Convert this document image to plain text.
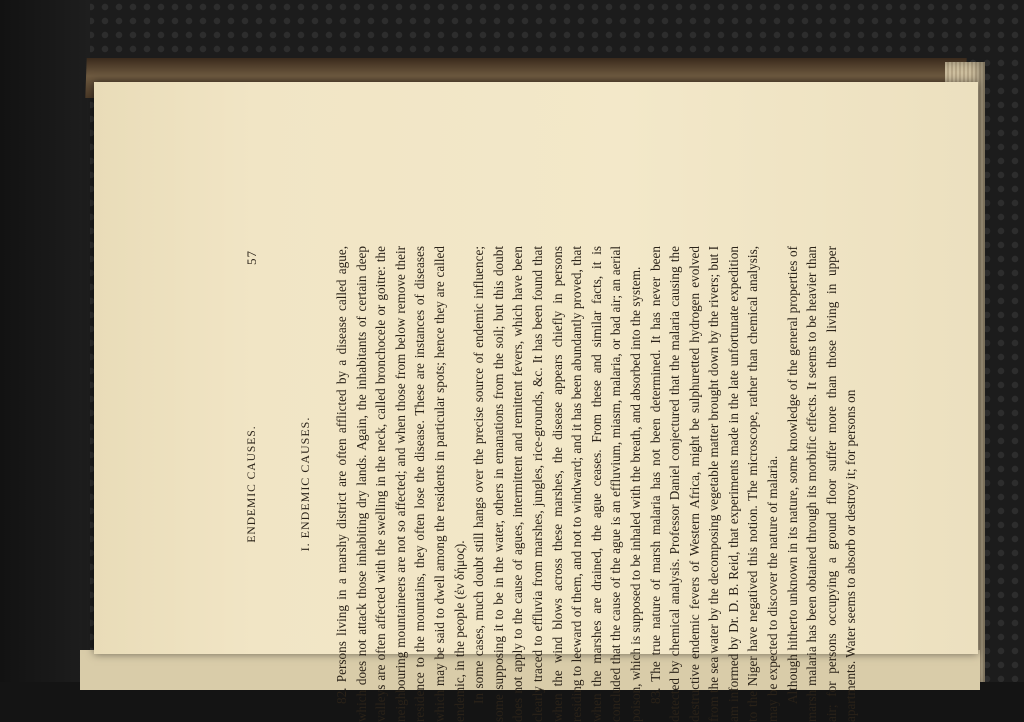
ENDEMIC CAUSES.
57
I. ENDEMIC CAUSES. 82. Persons living in a marshy district are often afflicted by a disease called ague, which does not attack those inhabiting dry lands. Again, the inhabitants of certain deep valleys are often affected with the swelling in the neck, called bronchocele or goitre: the neighbouring mountaineers are not so affected; and when those from below remove their residence to the mountains, they often lose the disease. These are instances of diseases which may be said to dwell among the residents in particular spots; hence they are called endemic, in the people (ἐν δήμος). In some cases, much doubt still hangs over the precise source of endemic influence; some supposing it to be in the water, others in emanations from the soil; but this doubt does not apply to the cause of agues, intermittent and remittent fevers, which have been clearly traced to effluvia from marshes, jungles, rice-grounds, &c. It has been found that when the wind blows across these marshes, the disease appears chiefly in persons residing to leeward of them, and not to windward; and it has been abundantly proved, that when the marshes are drained, the ague ceases. From these and similar facts, it is concluded that the cause of the ague is an effluvium, miasm, malaria, or bad air; an aerial poison, which is supposed to be inhaled with the breath, and absorbed into the system. 83. The true nature of marsh malaria has not been determined. It has never been detected by chemical analysis. Professor Daniel conjectured that the malaria causing the destructive endemic fevers of Western Africa, might be sulphuretted hydrogen evolved from the sea water by the decomposing vegetable matter brought down by the rivers; but I am informed by Dr. D. B. Reid, that experiments made in the late unfortunate expedition to the Niger have negatived this notion. The microscope, rather than chemical analysis, may be expected to discover the nature of malaria. Although hitherto unknown in its nature, some knowledge of the general properties of marsh malaria has been obtained through its morbific effects. It seems to be heavier than air; for persons occupying a ground floor suffer more than those living in upper apartments. Water seems to absorb or destroy it; for persons on
